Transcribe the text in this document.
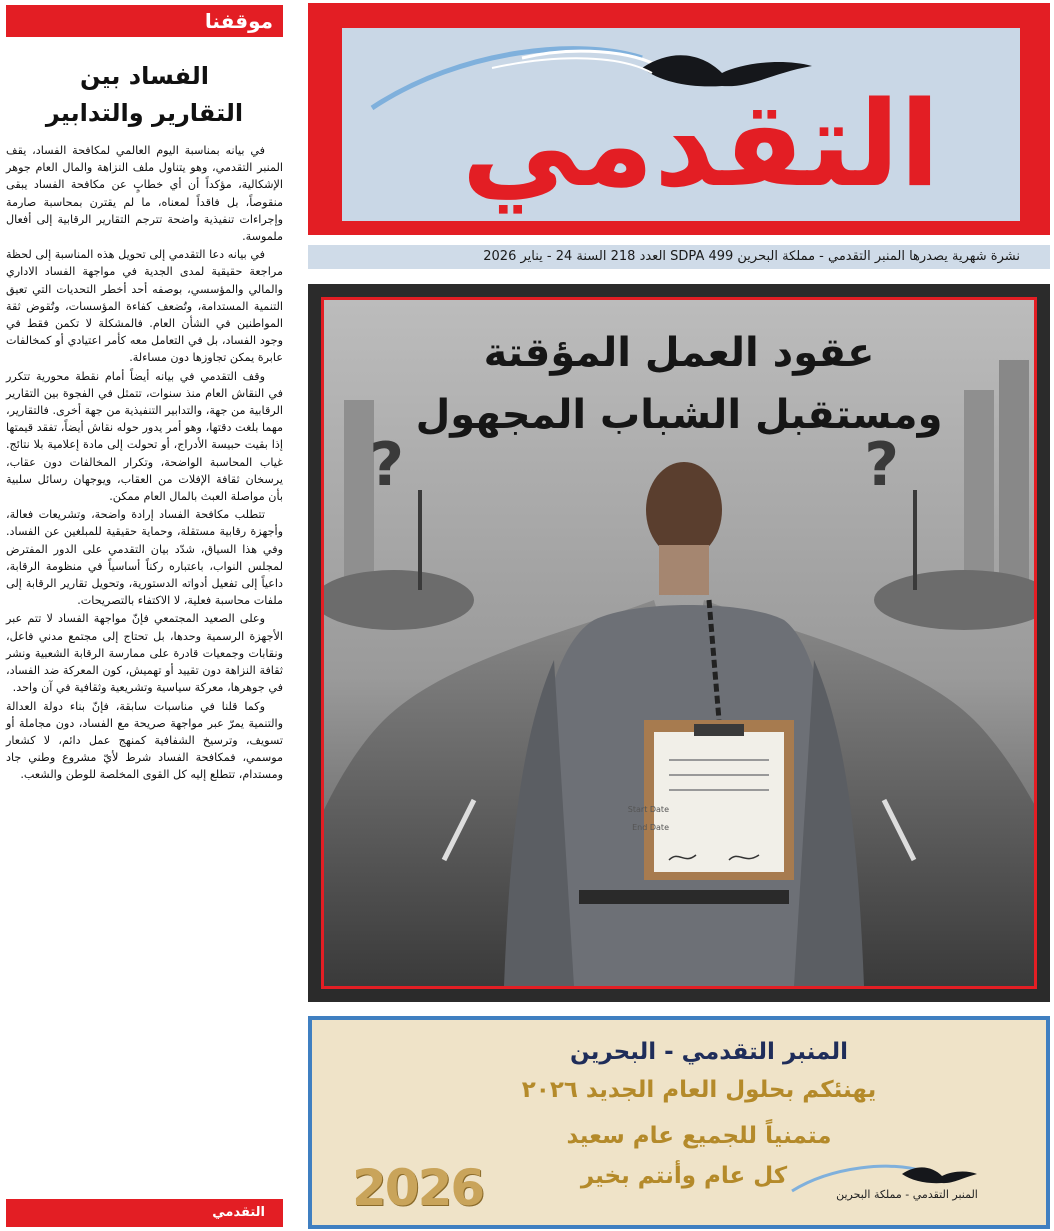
موقفنا
الفساد بين
التقارير والتدابير

في بيانه بمناسبة اليوم العالمي لمكافحة الفساد، يقف المنبر التقدمي، وهو يتناول ملف النزاهة والمال العام جوهر الإشكالية، مؤكداً أن أي خطابٍ عن مكافحة الفساد يبقى منقوصاً، بل فاقداً لمعناه، ما لم يقترن بمحاسبة صارمة وإجراءات تنفيذية واضحة تترجم التقارير الرقابية إلى أفعال ملموسة.

في بيانه دعا التقدمي إلى تحويل هذه المناسبة إلى لحظة مراجعة حقيقية لمدى الجدية في مواجهة الفساد الاداري والمالي والمؤسسي، بوصفه أحد أخطر التحديات التي تعيق التنمية المستدامة، وتُضعف كفاءة المؤسسات، وتُقوض ثقة المواطنين في الشأن العام. فالمشكلة لا تكمن فقط في وجود الفساد، بل في التعامل معه كأمر اعتيادي أو كمخالفات عابرة يمكن تجاوزها دون مساءلة.

وقف التقدمي في بيانه أيضاً أمام نقطة محورية تتكرر في النقاش العام منذ سنوات، تتمثل في الفجوة بين التقارير الرقابية من جهة، والتدابير التنفيذية من جهة أخرى. فالتقارير، مهما بلغت دقتها، وهو أمر يدور حوله نقاش أيضاً، تفقد قيمتها إذا بقيت حبيسة الأدراج، أو تحولت إلى مادة إعلامية بلا نتائج. غياب المحاسبة الواضحة، وتكرار المخالفات دون عقاب، يرسخان ثقافة الإفلات من العقاب، ويوجهان رسائل سلبية بأن مواصلة العبث بالمال العام ممكن.

تتطلب مكافحة الفساد إرادة واضحة، وتشريعات فعالة، وأجهزة رقابية مستقلة، وحماية حقيقية للمبلغين عن الفساد. وفي هذا السياق، شدّد بيان التقدمي على الدور المفترض لمجلس النواب، باعتباره ركناً أساسياً في منظومة الرقابة، داعياً إلى تفعيل أدواته الدستورية، وتحويل تقارير الرقابة إلى ملفات محاسبة فعلية، لا الاكتفاء بالتصريحات.

وعلى الصعيد المجتمعي فإنّ مواجهة الفساد لا تتم عبر الأجهزة الرسمية وحدها، بل تحتاج إلى مجتمع مدني فاعل، ونقابات وجمعيات قادرة على ممارسة الرقابة الشعبية ونشر ثقافة النزاهة دون تقييد أو تهميش، كون المعركة ضد الفساد، في جوهرها، معركة سياسية وتشريعية وثقافية في آن واحد.

وكما قلنا في مناسبات سابقة، فإنّ بناء دولة العدالة والتنمية يمرّ عبر مواجهة صريحة مع الفساد، دون مجاملة أو تسويف، وترسيخ الشفافية كمنهج عمل دائم، لا كشعار موسمي، فمكافحة الفساد شرط لأيّ مشروع وطني جاد ومستدام، تتطلع إليه كل القوى المخلصة للوطن والشعب.

التقدمي
التقدمي
نشرة شهرية يصدرها المنبر التقدمي - مملكة البحرين SDPA 499 العدد 218 السنة 24 - يناير 2026
?	?
Start Date
End Date
عقود العمل المؤقتة
ومستقبل الشباب المجهول
المنبر التقدمي - البحرين
يهنئكم بحلول العام الجديد ٢٠٢٦
متمنياً للجميع عام سعيد
كل عام وأنتم بخير
2026	المنبر التقدمي - مملكة البحرين
